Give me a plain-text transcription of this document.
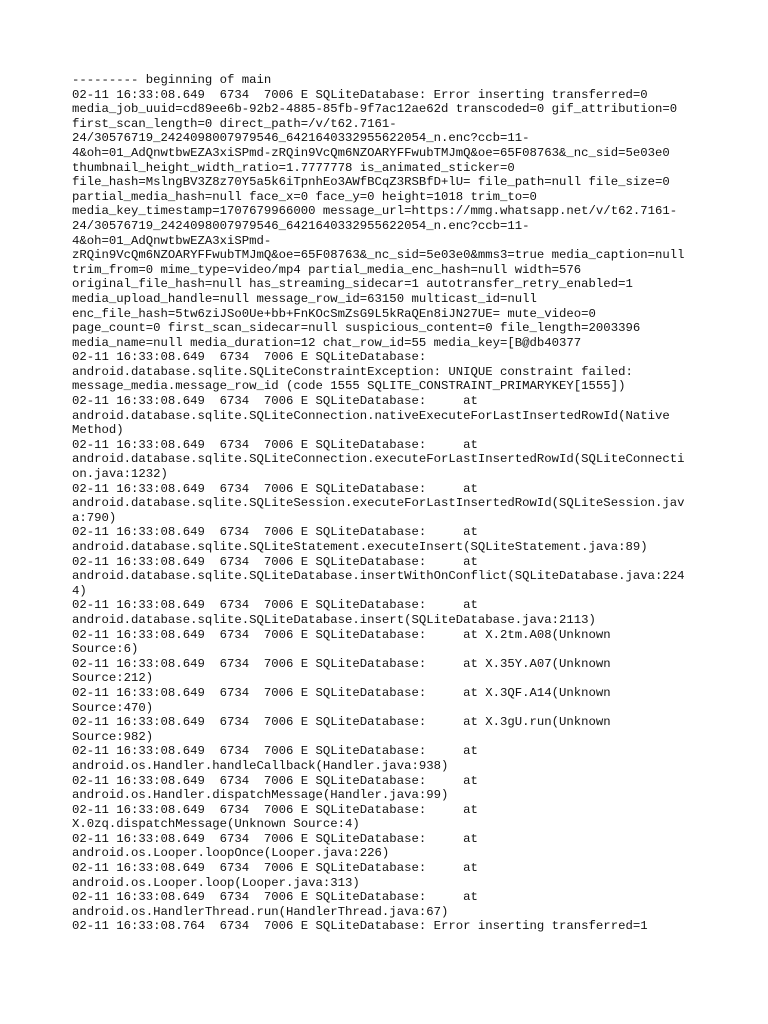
--------- beginning of main

02-11 16:33:08.649  6734  7006 E SQLiteDatabase: Error inserting transferred=0

media_job_uuid=cd89ee6b-92b2-4885-85fb-9f7ac12ae62d transcoded=0 gif_attribution=0

first_scan_length=0 direct_path=/v/t62.7161-

24/30576719_2424098007979546_6421640332955622054_n.enc?ccb=11-

4&oh=01_AdQnwtbwEZA3xiSPmd-zRQin9VcQm6NZOARYFFwubTMJmQ&oe=65F08763&_nc_sid=5e03e0

thumbnail_height_width_ratio=1.7777778 is_animated_sticker=0

file_hash=MslngBV3Z8z70Y5a5k6iTpnhEo3AWfBCqZ3RSBfD+lU= file_path=null file_size=0

partial_media_hash=null face_x=0 face_y=0 height=1018 trim_to=0

media_key_timestamp=1707679966000 message_url=https://mmg.whatsapp.net/v/t62.7161-

24/30576719_2424098007979546_6421640332955622054_n.enc?ccb=11-

4&oh=01_AdQnwtbwEZA3xiSPmd-

zRQin9VcQm6NZOARYFFwubTMJmQ&oe=65F08763&_nc_sid=5e03e0&mms3=true media_caption=null

trim_from=0 mime_type=video/mp4 partial_media_enc_hash=null width=576

original_file_hash=null has_streaming_sidecar=1 autotransfer_retry_enabled=1

media_upload_handle=null message_row_id=63150 multicast_id=null

enc_file_hash=5tw6ziJSo0Ue+bb+FnKOcSmZsG9L5kRaQEn8iJN27UE= mute_video=0

page_count=0 first_scan_sidecar=null suspicious_content=0 file_length=2003396

media_name=null media_duration=12 chat_row_id=55 media_key=[B@db40377

02-11 16:33:08.649  6734  7006 E SQLiteDatabase:

android.database.sqlite.SQLiteConstraintException: UNIQUE constraint failed:

message_media.message_row_id (code 1555 SQLITE_CONSTRAINT_PRIMARYKEY[1555])

02-11 16:33:08.649  6734  7006 E SQLiteDatabase:     at

android.database.sqlite.SQLiteConnection.nativeExecuteForLastInsertedRowId(Native

Method)

02-11 16:33:08.649  6734  7006 E SQLiteDatabase:     at

android.database.sqlite.SQLiteConnection.executeForLastInsertedRowId(SQLiteConnecti

on.java:1232)

02-11 16:33:08.649  6734  7006 E SQLiteDatabase:     at

android.database.sqlite.SQLiteSession.executeForLastInsertedRowId(SQLiteSession.jav

a:790)

02-11 16:33:08.649  6734  7006 E SQLiteDatabase:     at

android.database.sqlite.SQLiteStatement.executeInsert(SQLiteStatement.java:89)

02-11 16:33:08.649  6734  7006 E SQLiteDatabase:     at

android.database.sqlite.SQLiteDatabase.insertWithOnConflict(SQLiteDatabase.java:224

4)

02-11 16:33:08.649  6734  7006 E SQLiteDatabase:     at

android.database.sqlite.SQLiteDatabase.insert(SQLiteDatabase.java:2113)

02-11 16:33:08.649  6734  7006 E SQLiteDatabase:     at X.2tm.A08(Unknown

Source:6)

02-11 16:33:08.649  6734  7006 E SQLiteDatabase:     at X.35Y.A07(Unknown

Source:212)

02-11 16:33:08.649  6734  7006 E SQLiteDatabase:     at X.3QF.A14(Unknown

Source:470)

02-11 16:33:08.649  6734  7006 E SQLiteDatabase:     at X.3gU.run(Unknown

Source:982)

02-11 16:33:08.649  6734  7006 E SQLiteDatabase:     at

android.os.Handler.handleCallback(Handler.java:938)

02-11 16:33:08.649  6734  7006 E SQLiteDatabase:     at

android.os.Handler.dispatchMessage(Handler.java:99)

02-11 16:33:08.649  6734  7006 E SQLiteDatabase:     at

X.0zq.dispatchMessage(Unknown Source:4)

02-11 16:33:08.649  6734  7006 E SQLiteDatabase:     at

android.os.Looper.loopOnce(Looper.java:226)

02-11 16:33:08.649  6734  7006 E SQLiteDatabase:     at

android.os.Looper.loop(Looper.java:313)

02-11 16:33:08.649  6734  7006 E SQLiteDatabase:     at

android.os.HandlerThread.run(HandlerThread.java:67)

02-11 16:33:08.764  6734  7006 E SQLiteDatabase: Error inserting transferred=1
